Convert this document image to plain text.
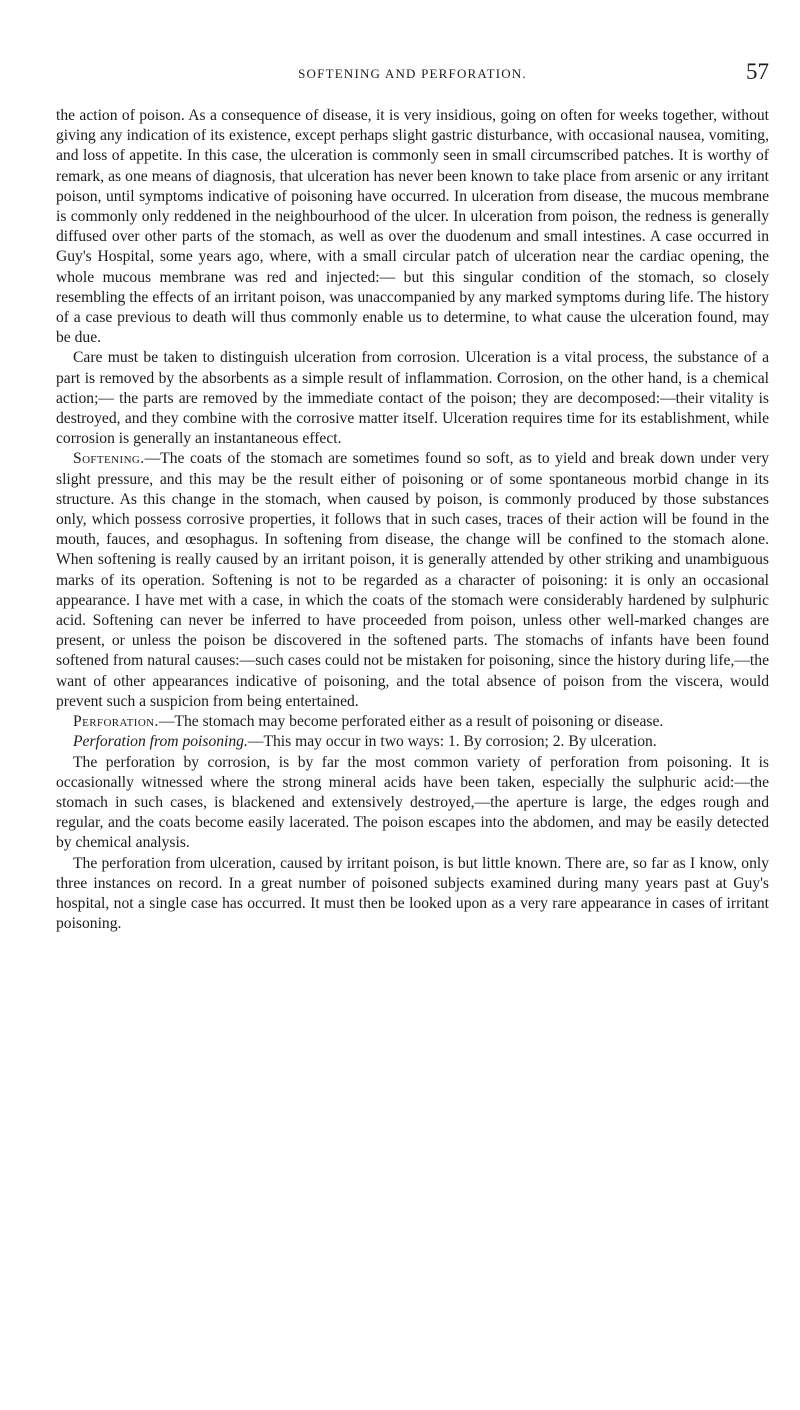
SOFTENING AND PERFORATION.	57

the action of poison. As a consequence of disease, it is very insidious, going on often for weeks together, without giving any indication of its existence, except perhaps slight gastric disturbance, with occasional nausea, vomiting, and loss of appetite. In this case, the ulceration is commonly seen in small circumscribed patches. It is worthy of remark, as one means of diagnosis, that ulceration has never been known to take place from arsenic or any irritant poison, until symptoms indicative of poisoning have occurred. In ulceration from disease, the mucous membrane is commonly only reddened in the neighbourhood of the ulcer. In ulceration from poison, the redness is generally diffused over other parts of the stomach, as well as over the duodenum and small intestines. A case occurred in Guy's Hospital, some years ago, where, with a small circular patch of ulceration near the cardiac opening, the whole mucous membrane was red and injected:— but this singular condition of the stomach, so closely resembling the effects of an irritant poison, was unaccompanied by any marked symptoms during life. The history of a case previous to death will thus commonly enable us to determine, to what cause the ulceration found, may be due.

Care must be taken to distinguish ulceration from corrosion. Ulceration is a vital process, the substance of a part is removed by the absorbents as a simple result of inflammation. Corrosion, on the other hand, is a chemical action;— the parts are removed by the immediate contact of the poison; they are decomposed:—their vitality is destroyed, and they combine with the corrosive matter itself. Ulceration requires time for its establishment, while corrosion is generally an instantaneous effect.

Softening.—The coats of the stomach are sometimes found so soft, as to yield and break down under very slight pressure, and this may be the result either of poisoning or of some spontaneous morbid change in its structure. As this change in the stomach, when caused by poison, is commonly produced by those substances only, which possess corrosive properties, it follows that in such cases, traces of their action will be found in the mouth, fauces, and œsophagus. In softening from disease, the change will be confined to the stomach alone. When softening is really caused by an irritant poison, it is generally attended by other striking and unambiguous marks of its operation. Softening is not to be regarded as a character of poisoning: it is only an occasional appearance. I have met with a case, in which the coats of the stomach were considerably hardened by sulphuric acid. Softening can never be inferred to have proceeded from poison, unless other well-marked changes are present, or unless the poison be discovered in the softened parts. The stomachs of infants have been found softened from natural causes:—such cases could not be mistaken for poisoning, since the history during life,—the want of other appearances indicative of poisoning, and the total absence of poison from the viscera, would prevent such a suspicion from being entertained.

Perforation.—The stomach may become perforated either as a result of poisoning or disease.

Perforation from poisoning.—This may occur in two ways: 1. By corrosion; 2. By ulceration.

The perforation by corrosion, is by far the most common variety of perforation from poisoning. It is occasionally witnessed where the strong mineral acids have been taken, especially the sulphuric acid:—the stomach in such cases, is blackened and extensively destroyed,—the aperture is large, the edges rough and regular, and the coats become easily lacerated. The poison escapes into the abdomen, and may be easily detected by chemical analysis.

The perforation from ulceration, caused by irritant poison, is but little known. There are, so far as I know, only three instances on record. In a great number of poisoned subjects examined during many years past at Guy's hospital, not a single case has occurred. It must then be looked upon as a very rare appearance in cases of irritant poisoning.
